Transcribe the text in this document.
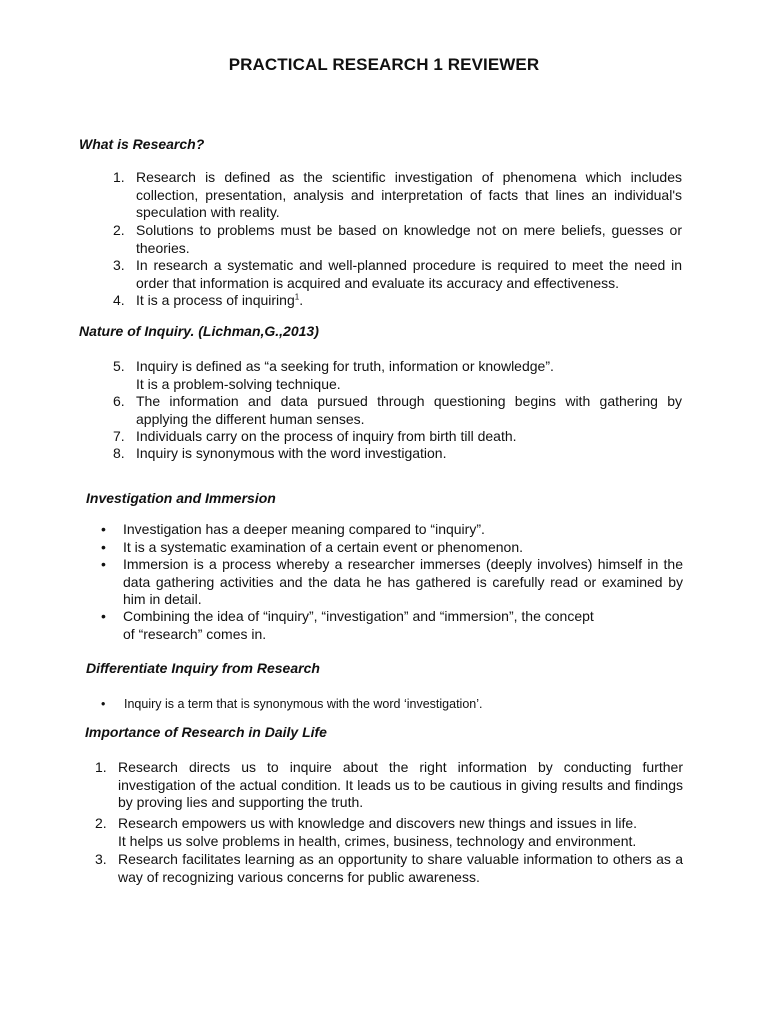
PRACTICAL RESEARCH 1 REVIEWER
What is Research?
1. Research is defined as the scientific investigation of phenomena which includes collection, presentation, analysis and interpretation of facts that lines an individual's speculation with reality.
2. Solutions to problems must be based on knowledge not on mere beliefs, guesses or theories.
3. In research a systematic and well-planned procedure is required to meet the need in order that information is acquired and evaluate its accuracy and effectiveness.
4. It is a process of inquiring$^1$.
Nature of Inquiry. (Lichman,G.,2013)
5. Inquiry is defined as “a seeking for truth, information or knowledge”.
It is a problem-solving technique.
6. The information and data pursued through questioning begins with gathering by applying the different human senses.
7. Individuals carry on the process of inquiry from birth till death.
8. Inquiry is synonymous with the word investigation.
Investigation and Immersion
• Investigation has a deeper meaning compared to “inquiry”.
• It is a systematic examination of a certain event or phenomenon.
• Immersion is a process whereby a researcher immerses (deeply involves) himself in the data gathering activities and the data he has gathered is carefully read or examined by him in detail.
• Combining the idea of “inquiry”, “investigation” and “immersion”, the concept
of “research” comes in.
Differentiate Inquiry from Research
• Inquiry is a term that is synonymous with the word ‘investigation’.
Importance of Research in Daily Life
1. Research directs us to inquire about the right information by conducting further investigation of the actual condition. It leads us to be cautious in giving results and findings by proving lies and supporting the truth.
2. Research empowers us with knowledge and discovers new things and issues in life.
It helps us solve problems in health, crimes, business, technology and environment.
3. Research facilitates learning as an opportunity to share valuable information to others as a way of recognizing various concerns for public awareness.
